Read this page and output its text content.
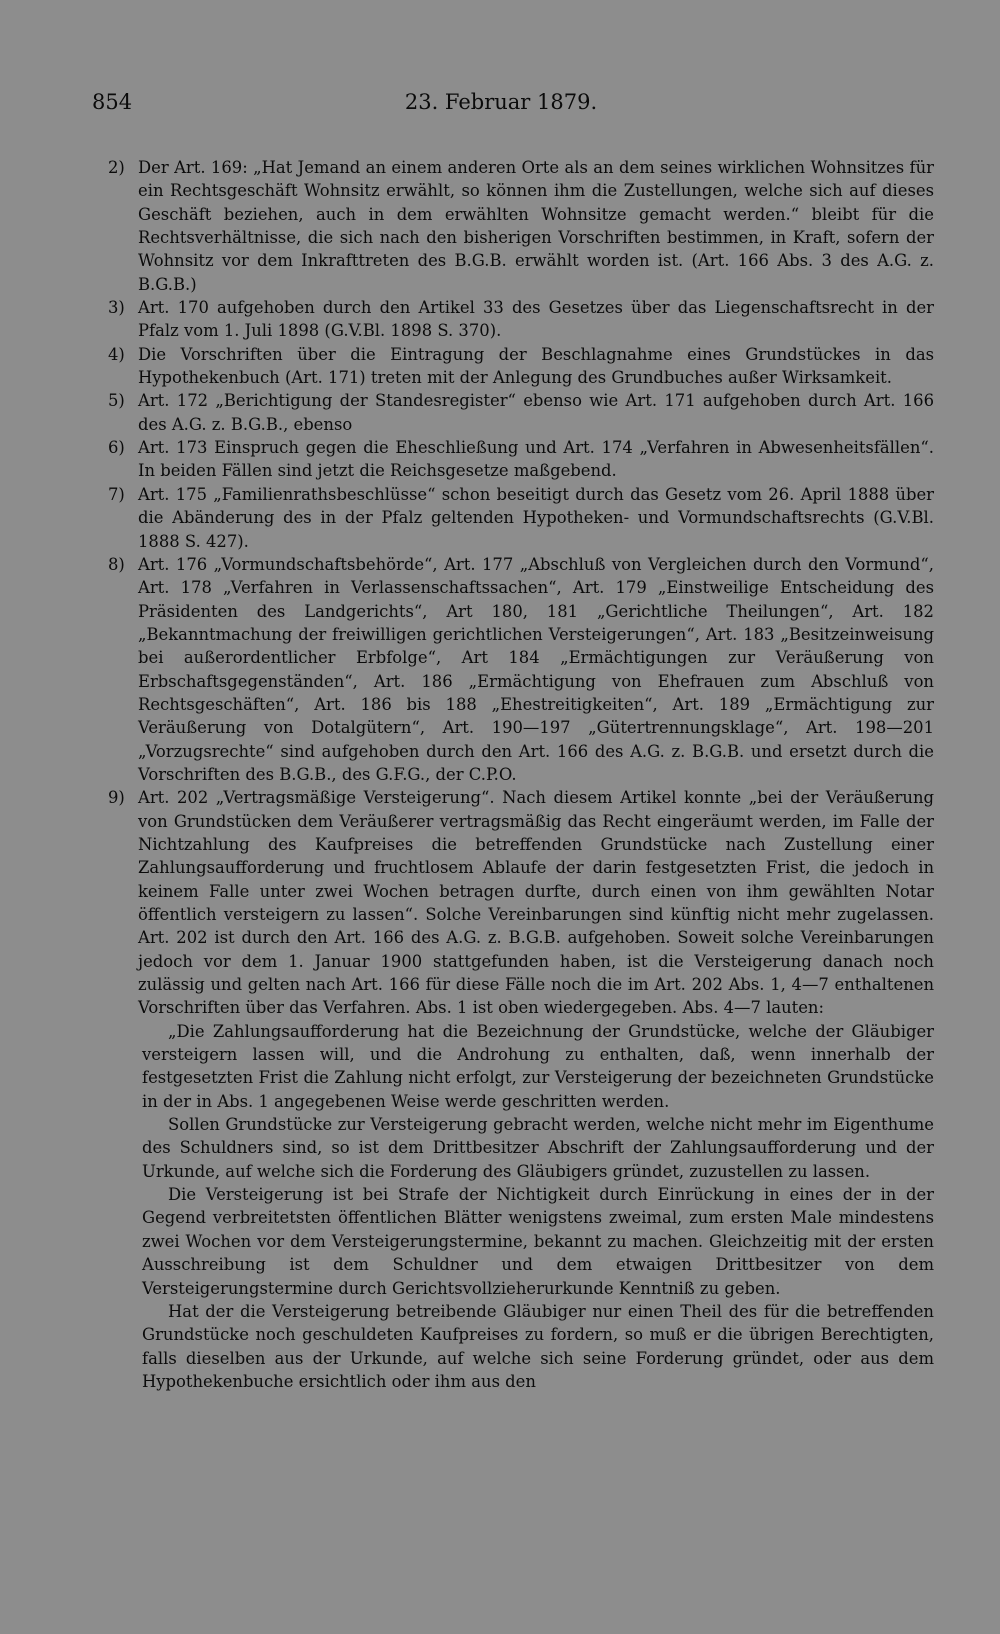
854	23. Februar 1879.
2) Der Art. 169: „Hat Jemand an einem anderen Orte als an dem seines wirklichen Wohnsitzes für ein Rechtsgeschäft Wohnsitz erwählt, so können ihm die Zustellungen, welche sich auf dieses Geschäft beziehen, auch in dem erwählten Wohnsitze gemacht werden.“ bleibt für die Rechtsverhältnisse, die sich nach den bisherigen Vorschriften bestimmen, in Kraft, sofern der Wohnsitz vor dem Inkrafttreten des B.G.B. erwählt worden ist. (Art. 166 Abs. 3 des A.G. z. B.G.B.)
3) Art. 170 aufgehoben durch den Artikel 33 des Gesetzes über das Liegenschaftsrecht in der Pfalz vom 1. Juli 1898 (G.V.Bl. 1898 S. 370).
4) Die Vorschriften über die Eintragung der Beschlagnahme eines Grundstückes in das Hypothekenbuch (Art. 171) treten mit der Anlegung des Grundbuches außer Wirksamkeit.
5) Art. 172 „Berichtigung der Standesregister“ ebenso wie Art. 171 aufgehoben durch Art. 166 des A.G. z. B.G.B., ebenso
6) Art. 173 Einspruch gegen die Eheschließung und Art. 174 „Verfahren in Abwesenheitsfällen“. In beiden Fällen sind jetzt die Reichsgesetze maßgebend.
7) Art. 175 „Familienrathsbeschlüsse“ schon beseitigt durch das Gesetz vom 26. April 1888 über die Abänderung des in der Pfalz geltenden Hypotheken- und Vormundschaftsrechts (G.V.Bl. 1888 S. 427).
8) Art. 176 „Vormundschaftsbehörde“, Art. 177 „Abschluß von Vergleichen durch den Vormund“, Art. 178 „Verfahren in Verlassenschaftssachen“, Art. 179 „Einstweilige Entscheidung des Präsidenten des Landgerichts“, Art 180, 181 „Gerichtliche Theilungen“, Art. 182 „Bekanntmachung der freiwilligen gerichtlichen Versteigerungen“, Art. 183 „Besitzeinweisung bei außerordentlicher Erbfolge“, Art 184 „Ermächtigungen zur Veräußerung von Erbschaftsgegenständen“, Art. 186 „Ermächtigung von Ehefrauen zum Abschluß von Rechtsgeschäften“, Art. 186 bis 188 „Ehestreitigkeiten“, Art. 189 „Ermächtigung zur Veräußerung von Dotalgütern“, Art. 190—197 „Gütertrennungsklage“, Art. 198—201 „Vorzugsrechte“ sind aufgehoben durch den Art. 166 des A.G. z. B.G.B. und ersetzt durch die Vorschriften des B.G.B., des G.F.G., der C.P.O.
9) Art. 202 „Vertragsmäßige Versteigerung“. Nach diesem Artikel konnte „bei der Veräußerung von Grundstücken dem Veräußerer vertragsmäßig das Recht eingeräumt werden, im Falle der Nichtzahlung des Kaufpreises die betreffenden Grundstücke nach Zustellung einer Zahlungsaufforderung und fruchtlosem Ablaufe der darin festgesetzten Frist, die jedoch in keinem Falle unter zwei Wochen betragen durfte, durch einen von ihm gewählten Notar öffentlich versteigern zu lassen“. Solche Vereinbarungen sind künftig nicht mehr zugelassen. Art. 202 ist durch den Art. 166 des A.G. z. B.G.B. aufgehoben. Soweit solche Vereinbarungen jedoch vor dem 1. Januar 1900 stattgefunden haben, ist die Versteigerung danach noch zulässig und gelten nach Art. 166 für diese Fälle noch die im Art. 202 Abs. 1, 4—7 enthaltenen Vorschriften über das Verfahren. Abs. 1 ist oben wiedergegeben. Abs. 4—7 lauten:

„Die Zahlungsaufforderung hat die Bezeichnung der Grundstücke, welche der Gläubiger versteigern lassen will, und die Androhung zu enthalten, daß, wenn innerhalb der festgesetzten Frist die Zahlung nicht erfolgt, zur Versteigerung der bezeichneten Grundstücke in der in Abs. 1 angegebenen Weise werde geschritten werden.

Sollen Grundstücke zur Versteigerung gebracht werden, welche nicht mehr im Eigenthume des Schuldners sind, so ist dem Drittbesitzer Abschrift der Zahlungsaufforderung und der Urkunde, auf welche sich die Forderung des Gläubigers gründet, zuzustellen zu lassen.

Die Versteigerung ist bei Strafe der Nichtigkeit durch Einrückung in eines der in der Gegend verbreitetsten öffentlichen Blätter wenigstens zweimal, zum ersten Male mindestens zwei Wochen vor dem Versteigerungstermine, bekannt zu machen. Gleichzeitig mit der ersten Ausschreibung ist dem Schuldner und dem etwaigen Drittbesitzer von dem Versteigerungstermine durch Gerichtsvollzieherurkunde Kenntniß zu geben.

Hat der die Versteigerung betreibende Gläubiger nur einen Theil des für die betreffenden Grundstücke noch geschuldeten Kaufpreises zu fordern, so muß er die übrigen Berechtigten, falls dieselben aus der Urkunde, auf welche sich seine Forderung gründet, oder aus dem Hypothekenbuche ersichtlich oder ihm aus den
